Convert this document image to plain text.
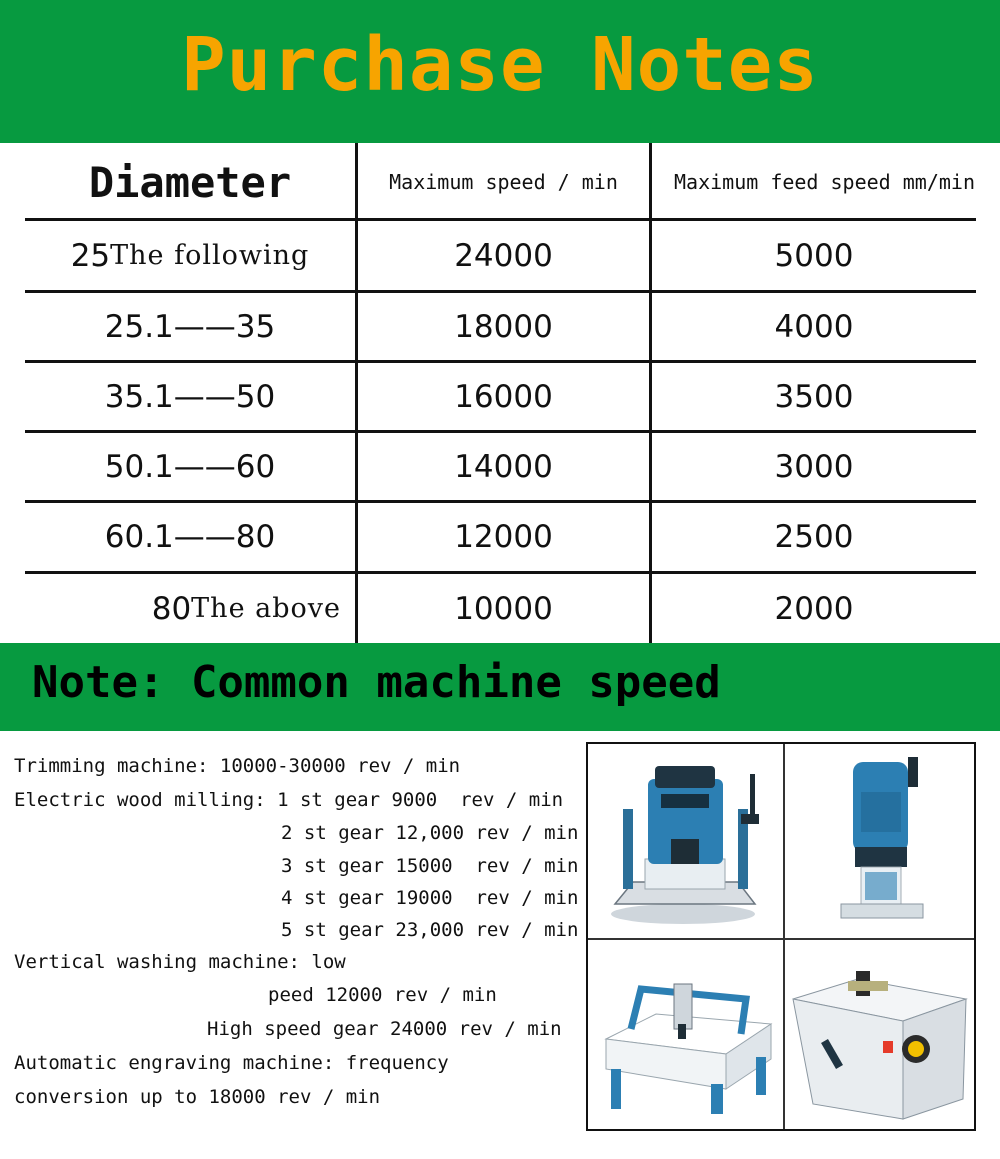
Purchase Notes
Diameter	Maximum speed / min	Maximum feed speed mm/min
25 The following	24000	5000
25.1——35	18000	4000
35.1——50	16000	3500
50.1——60	14000	3000
60.1——80	12000	2500
80 The above	10000	2000
Note: Common machine speed
Trimming machine: 10000-30000 rev / min
Electric wood milling: 1 st gear 9000  rev / min
2 st gear 12,000 rev / min
3 st gear 15000  rev / min
4 st gear 19000  rev / min
5 st gear 23,000 rev / min
Vertical washing machine: low
peed 12000 rev / min
High speed gear 24000 rev / min
Automatic engraving machine: frequency
conversion up to 18000 rev / min
